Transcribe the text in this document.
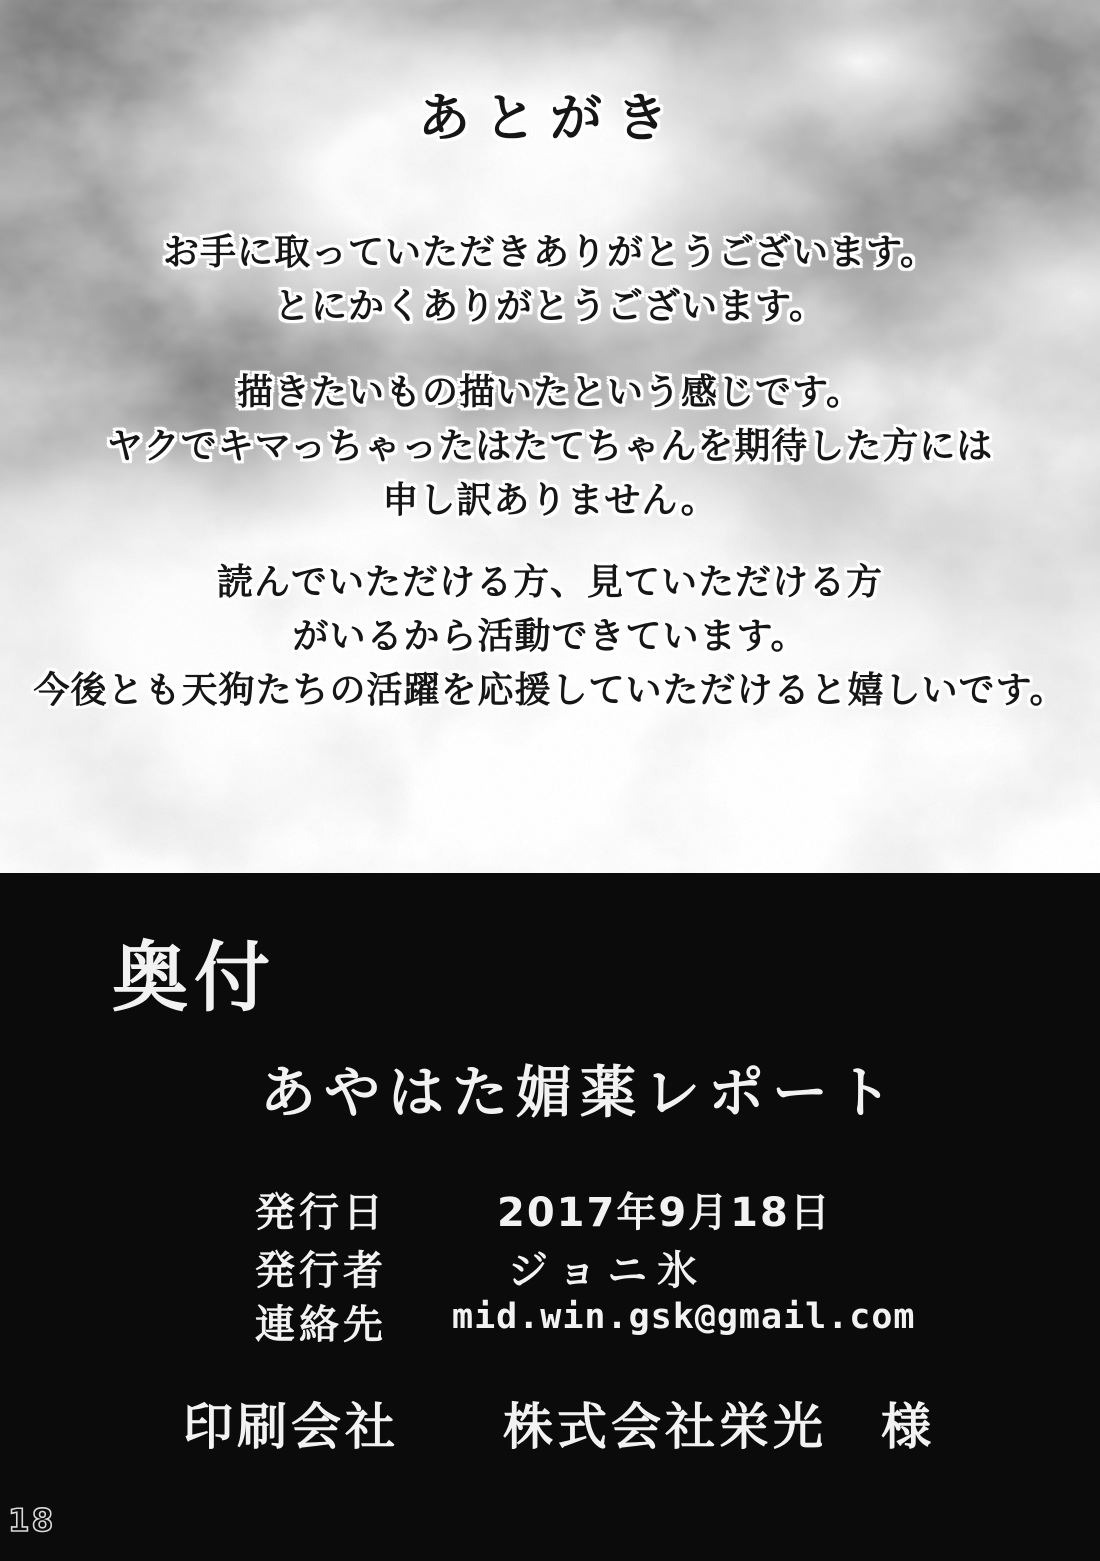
あとがき
お手に取っていただきありがとうございます。
とにかくありがとうございます。
描きたいもの描いたという感じです。
ヤクでキマっちゃったはたてちゃんを期待した方には
申し訳ありません。
読んでいただける方、見ていただける方
がいるから活動できています。
今後とも天狗たちの活躍を応援していただけると嬉しいです。
奥付
あやはた媚薬レポート
発行日	2017年9月18日
発行者	ジョニ氷
連絡先 mid.win.gsk@gmail.com
印刷会社 株式会社栄光　様
18
